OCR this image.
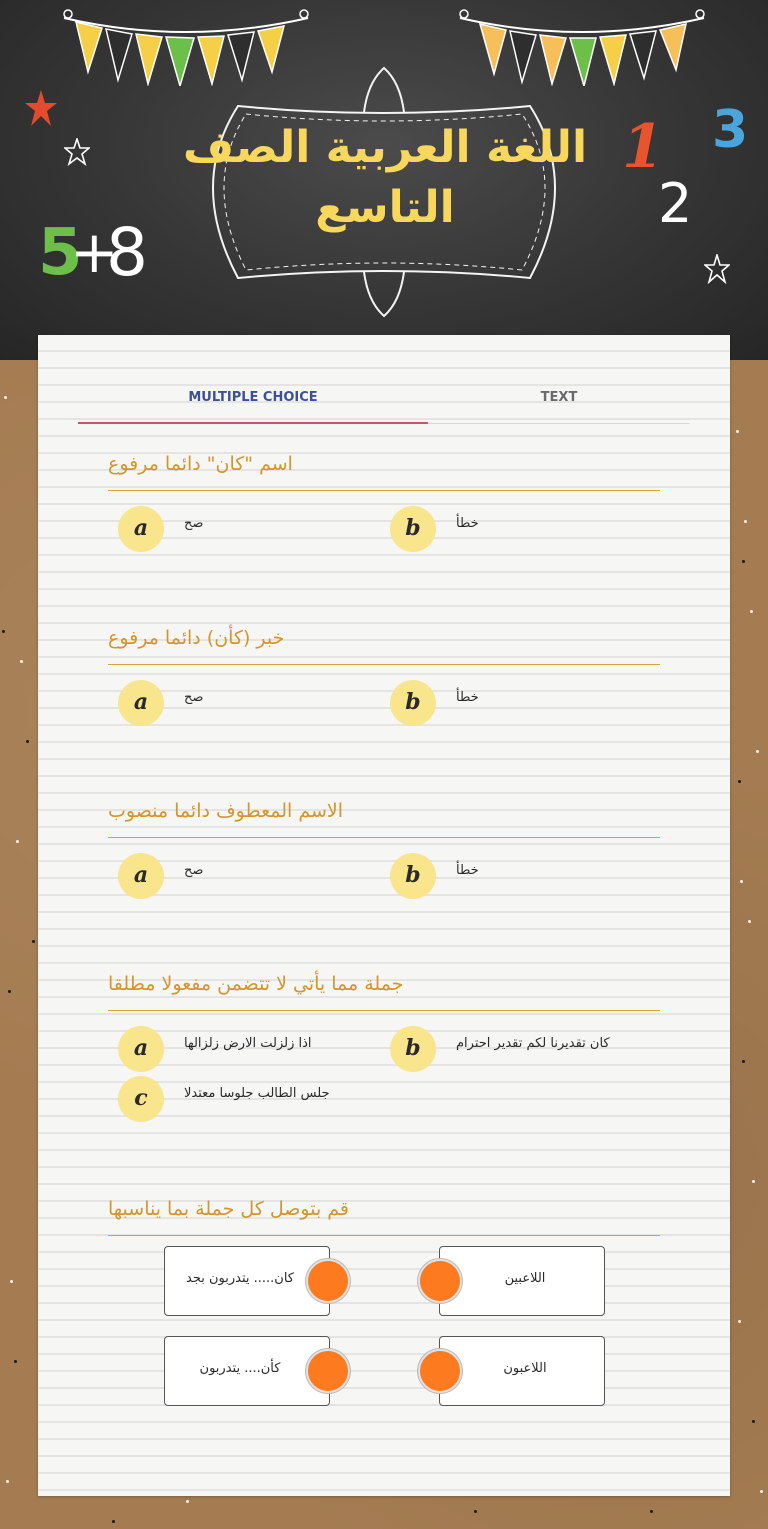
اللغة العربية الصف التاسع
1 3
2
5
+
8
MULTIPLE CHOICE	TEXT
اسم "كان" دائما مرفوع
a	صح	b	خطأ
خبر (كأن) دائما مرفوع
a	صح	b	خطأ
الاسم المعطوف دائما منصوب
a	صح	b	خطأ
جملة مما يأتي لا تتضمن مفعولا مطلقا
a	اذا زلزلت الارض زلزالها	b	كان تقديرنا لكم تقدير احترام
c	جلس الطالب جلوسا معتدلا
قم بتوصل كل جملة بما يناسبها
كان..... يتدربون بجد	اللاعبين
كأن.... يتدربون	اللاعبون
